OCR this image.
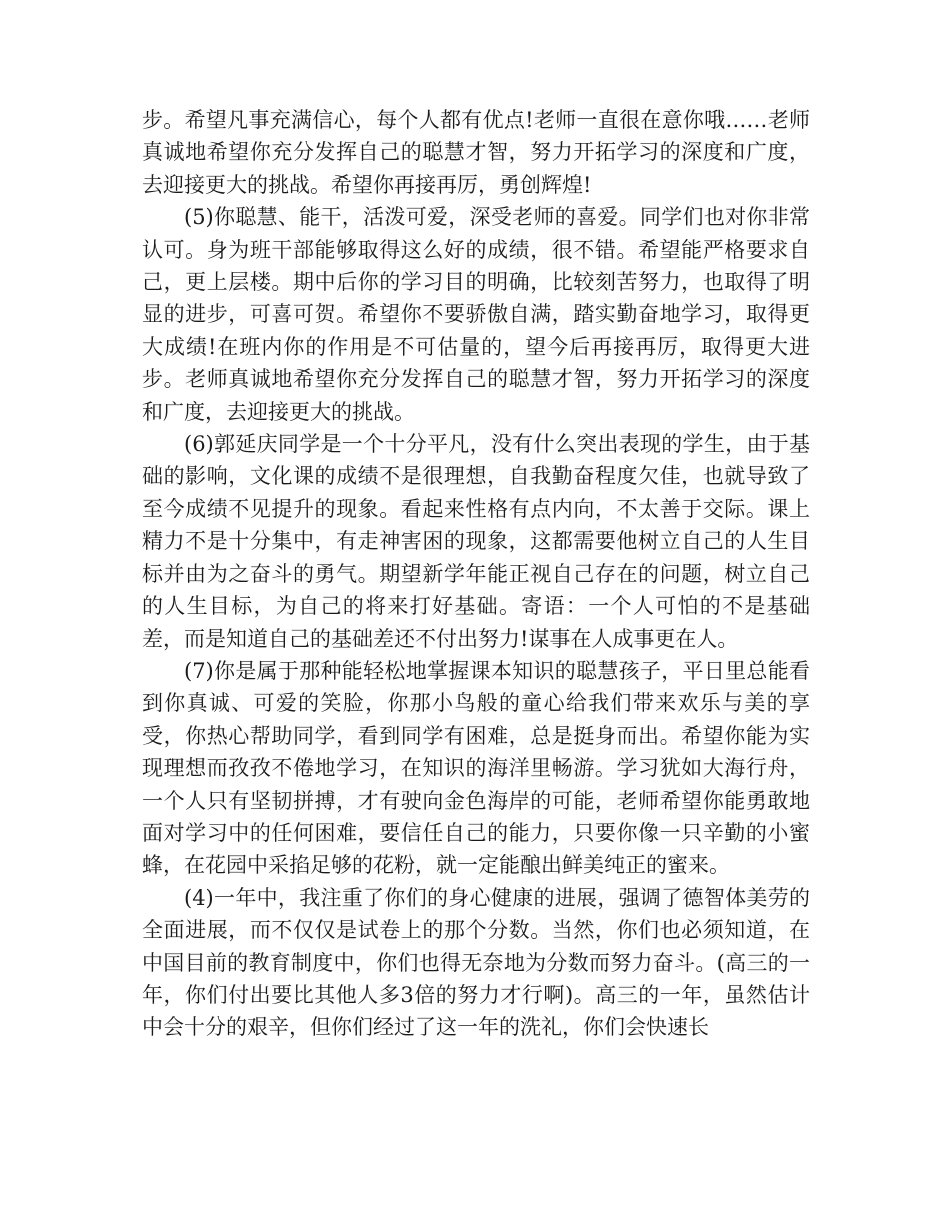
步。希望凡事充满信心，每个人都有优点!老师一直很在意你哦……老师真诚地希望你充分发挥自己的聪慧才智，努力开拓学习的深度和广度，去迎接更大的挑战。希望你再接再厉，勇创辉煌!

(5)你聪慧、能干，活泼可爱，深受老师的喜爱。同学们也对你非常认可。身为班干部能够取得这么好的成绩，很不错。希望能严格要求自己，更上层楼。期中后你的学习目的明确，比较刻苦努力，也取得了明显的进步，可喜可贺。希望你不要骄傲自满，踏实勤奋地学习，取得更大成绩!在班内你的作用是不可估量的，望今后再接再厉，取得更大进步。老师真诚地希望你充分发挥自己的聪慧才智，努力开拓学习的深度和广度，去迎接更大的挑战。

(6)郭延庆同学是一个十分平凡，没有什么突出表现的学生，由于基础的影响，文化课的成绩不是很理想，自我勤奋程度欠佳，也就导致了至今成绩不见提升的现象。看起来性格有点内向，不太善于交际。课上精力不是十分集中，有走神害困的现象，这都需要他树立自己的人生目标并由为之奋斗的勇气。期望新学年能正视自己存在的问题，树立自己的人生目标，为自己的将来打好基础。寄语：一个人可怕的不是基础差，而是知道自己的基础差还不付出努力!谋事在人成事更在人。

(7)你是属于那种能轻松地掌握课本知识的聪慧孩子，平日里总能看到你真诚、可爱的笑脸，你那小鸟般的童心给我们带来欢乐与美的享受，你热心帮助同学，看到同学有困难，总是挺身而出。希望你能为实现理想而孜孜不倦地学习，在知识的海洋里畅游。学习犹如大海行舟，一个人只有坚韧拼搏，才有驶向金色海岸的可能，老师希望你能勇敢地面对学习中的任何困难，要信任自己的能力，只要你像一只辛勤的小蜜蜂，在花园中采掐足够的花粉，就一定能酿出鲜美纯正的蜜来。

(4)一年中，我注重了你们的身心健康的进展，强调了德智体美劳的全面进展，而不仅仅是试卷上的那个分数。当然，你们也必须知道，在中国目前的教育制度中，你们也得无奈地为分数而努力奋斗。(高三的一年，你们付出要比其他人多3倍的努力才行啊)。高三的一年，虽然估计中会十分的艰辛，但你们经过了这一年的洗礼，你们会快速长
